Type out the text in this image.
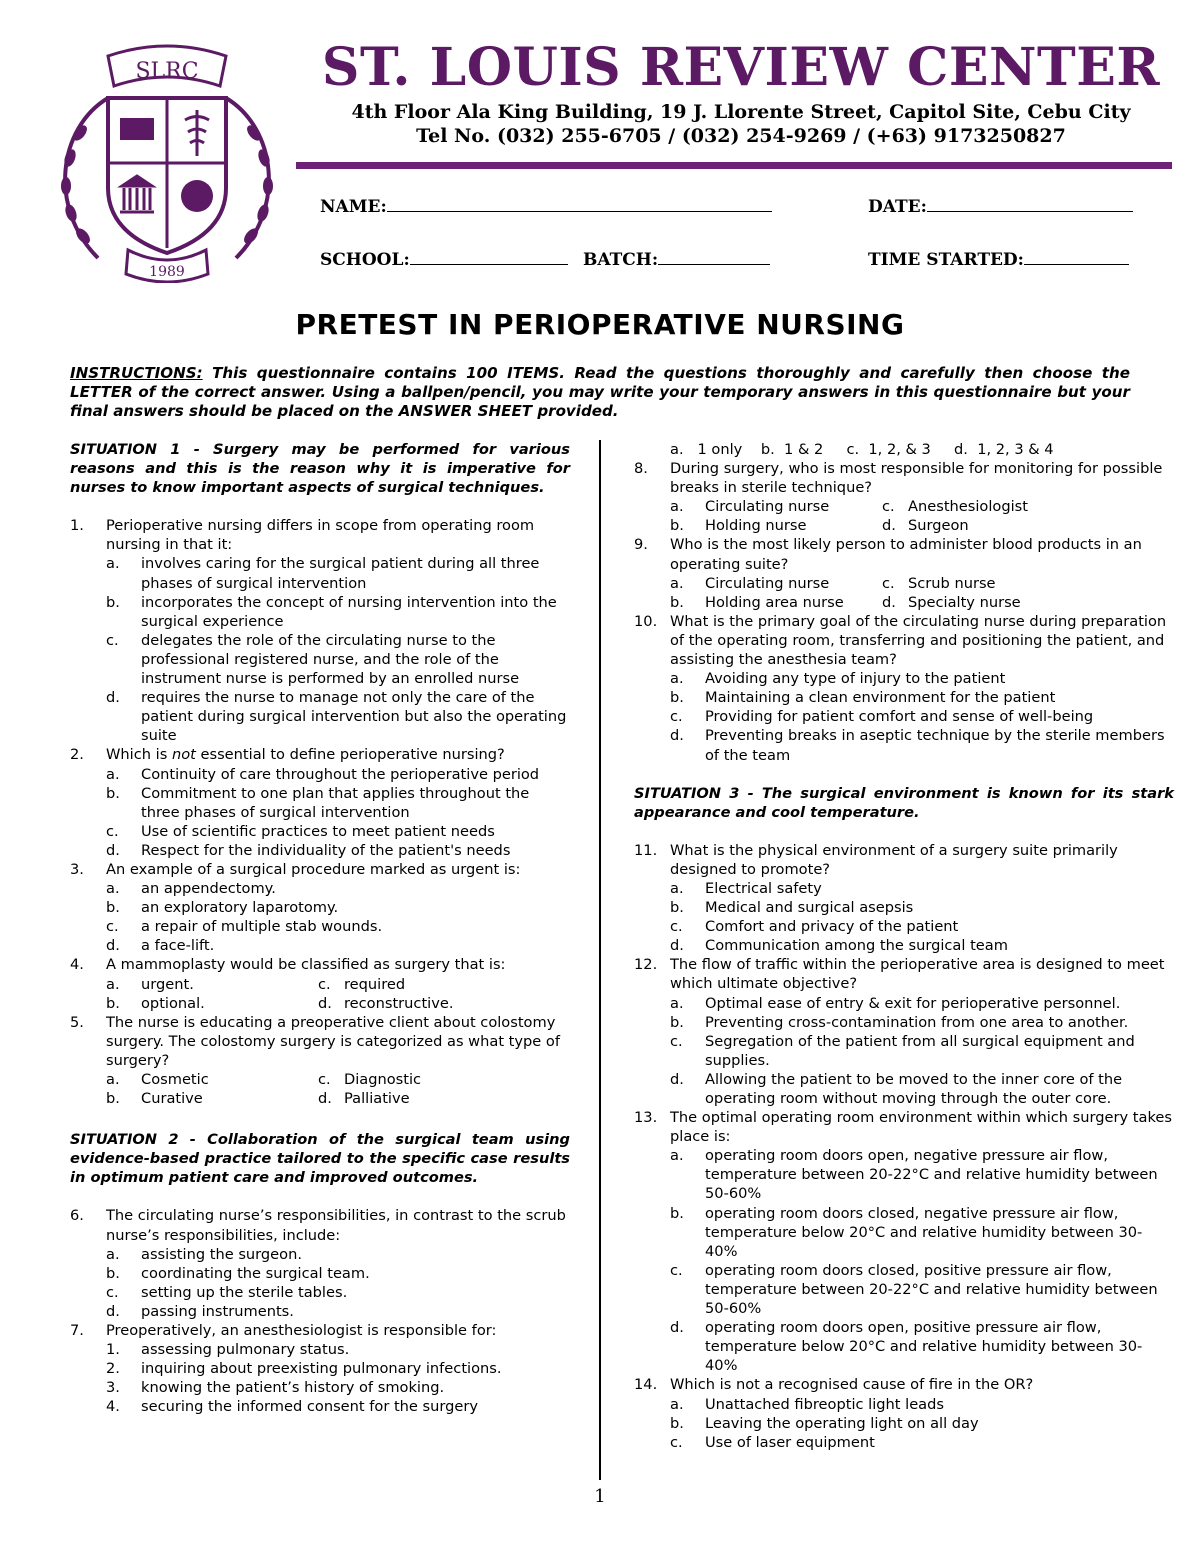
SLRC
1989
ST. LOUIS REVIEW CENTER
4th Floor Ala King Building, 19 J. Llorente Street, Capitol Site, Cebu City
Tel No. (032) 255-6705 / (032) 254-9269 / (+63) 9173250827
NAME:	DATE:
SCHOOL:	BATCH:	TIME STARTED:
PRETEST IN PERIOPERATIVE NURSING
INSTRUCTIONS: This questionnaire contains 100 ITEMS. Read the questions thoroughly and carefully then choose the LETTER of the correct answer. Using a ballpen/pencil, you may write your temporary answers in this questionnaire but your final answers should be placed on the ANSWER SHEET provided.

SITUATION 1 - Surgery may be performed for various reasons and this is the reason why it is imperative for nurses to know important aspects of surgical techniques.

1.	Perioperative nursing differs in scope from operating room nursing in that it:
a.	involves caring for the surgical patient during all three phases of surgical intervention
b.	incorporates the concept of nursing intervention into the surgical experience
c.	delegates the role of the circulating nurse to the professional registered nurse, and the role of the instrument nurse is performed by an enrolled nurse
d.	requires the nurse to manage not only the care of the patient during surgical intervention but also the operating suite
2.	Which is not essential to define perioperative nursing?
a.	Continuity of care throughout the perioperative period
b.	Commitment to one plan that applies throughout the three phases of surgical intervention
c.	Use of scientific practices to meet patient needs
d.	Respect for the individuality of the patient's needs
3.	An example of a surgical procedure marked as urgent is:
a.	an appendectomy.
b.	an exploratory laparotomy.
c.	a repair of multiple stab wounds.
d.	a face-lift.
4.	A mammoplasty would be classified as surgery that is:
a.	urgent.	c. required
b.	optional.	d. reconstructive.
5.	The nurse is educating a preoperative client about colostomy surgery. The colostomy surgery is categorized as what type of surgery?
a.	Cosmetic	c. Diagnostic
b.	Curative	d. Palliative

SITUATION 2 - Collaboration of the surgical team using evidence-based practice tailored to the specific case results in optimum patient care and improved outcomes.

6.	The circulating nurse’s responsibilities, in contrast to the scrub nurse’s responsibilities, include:
a.	assisting the surgeon.
b.	coordinating the surgical team.
c.	setting up the sterile tables.
d.	passing instruments.
7.	Preoperatively, an anesthesiologist is responsible for:
1.	assessing pulmonary status.
2.	inquiring about preexisting pulmonary infections.
3.	knowing the patient’s history of smoking.
4.	securing the informed consent for the surgery
a.   1 only    b.  1 & 2     c.  1, 2, & 3     d.  1, 2, 3 & 4
8.	During surgery, who is most responsible for monitoring for possible breaks in sterile technique?
a.	Circulating nurse	c. Anesthesiologist
b.	Holding nurse	d. Surgeon
9.	Who is the most likely person to administer blood products in an operating suite?
a.	Circulating nurse	c. Scrub nurse
b.	Holding area nurse	d. Specialty nurse
10. What is the primary goal of the circulating nurse during preparation of the operating room, transferring and positioning the patient, and assisting the anesthesia team?
a.	Avoiding any type of injury to the patient
b.	Maintaining a clean environment for the patient
c.	Providing for patient comfort and sense of well-being
d.	Preventing breaks in aseptic technique by the sterile members of the team

SITUATION 3 - The surgical environment is known for its stark appearance and cool temperature.

11. What is the physical environment of a surgery suite primarily designed to promote?
a.	Electrical safety
b.	Medical and surgical asepsis
c.	Comfort and privacy of the patient
d.	Communication among the surgical team
12. The flow of traffic within the perioperative area is designed to meet which ultimate objective?
a.	Optimal ease of entry & exit for perioperative personnel.
b.	Preventing cross-contamination from one area to another.
c.	Segregation of the patient from all surgical equipment and supplies.
d.	Allowing the patient to be moved to the inner core of the operating room without moving through the outer core.
13. The optimal operating room environment within which surgery takes place is:
a.	operating room doors open, negative pressure air flow, temperature between 20-22°C and relative humidity between 50-60%
b.	operating room doors closed, negative pressure air flow, temperature below 20°C and relative humidity between 30-40%
c.	operating room doors closed, positive pressure air flow, temperature between 20-22°C and relative humidity between 50-60%
d.	operating room doors open, positive pressure air flow, temperature below 20°C and relative humidity between 30-40%
14. Which is not a recognised cause of fire in the OR?
a.	Unattached fibreoptic light leads
b.	Leaving the operating light on all day
c.	Use of laser equipment
1
